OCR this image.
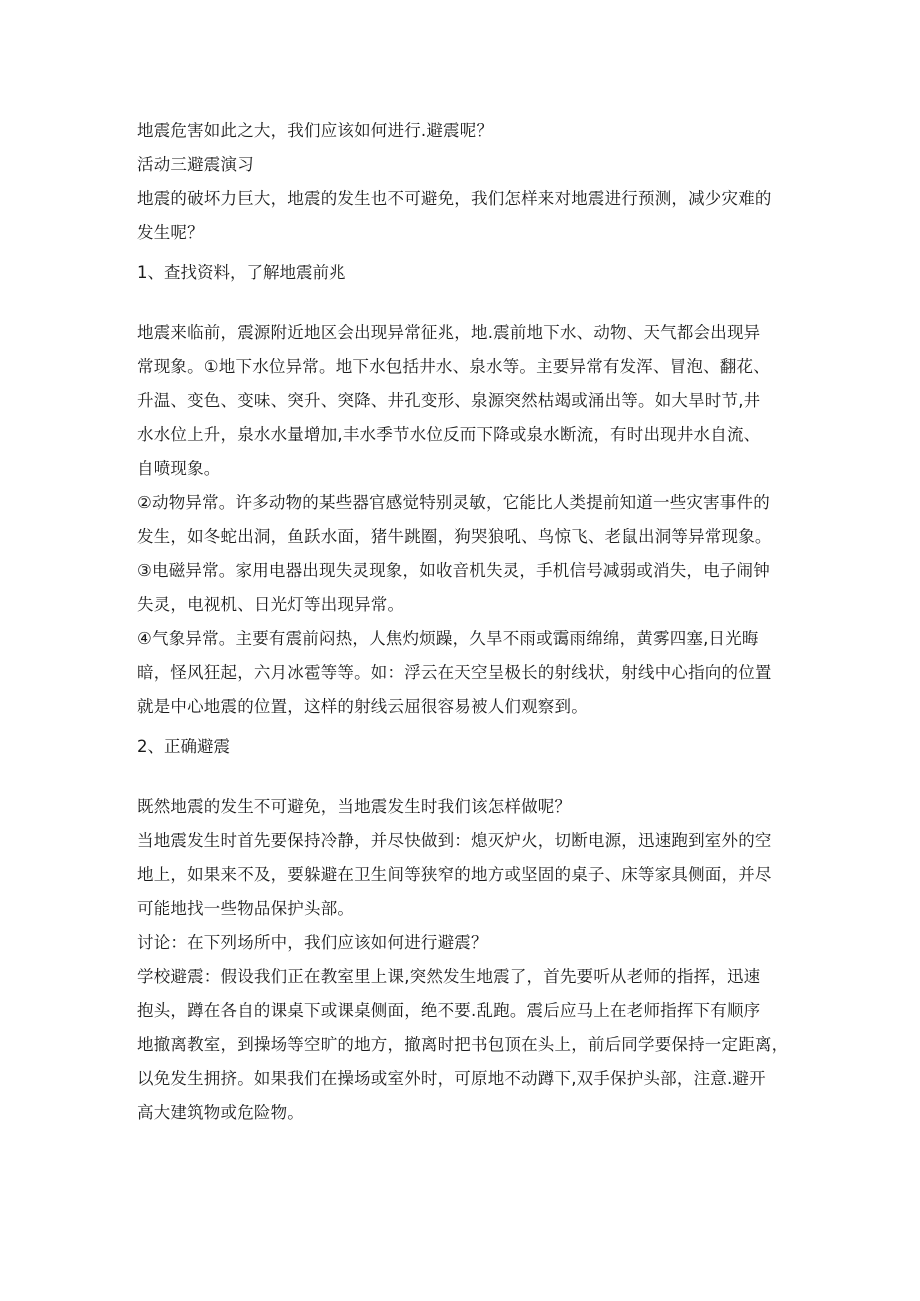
地震危害如此之大，我们应该如何进行.避震呢？
活动三避震演习
地震的破坏力巨大，地震的发生也不可避免，我们怎样来对地震进行预测，减少灾难的
发生呢？
1、查找资料，了解地震前兆
地震来临前，震源附近地区会出现异常征兆，地.震前地下水、动物、天气都会出现异
常现象。①地下水位异常。地下水包括井水、泉水等。主要异常有发浑、冒泡、翻花、
升温、变色、变味、突升、突降、井孔变形、泉源突然枯竭或涌出等。如大旱时节,井
水水位上升，泉水水量增加,丰水季节水位反而下降或泉水断流，有时出现井水自流、
自喷现象。
②动物异常。许多动物的某些器官感觉特别灵敏，它能比人类提前知道一些灾害事件的
发生，如冬蛇出洞，鱼跃水面，猪牛跳圈，狗哭狼吼、鸟惊飞、老鼠出洞等异常现象。
③电磁异常。家用电器出现失灵现象，如收音机失灵，手机信号减弱或消失，电子闹钟
失灵，电视机、日光灯等出现异常。
④气象异常。主要有震前闷热，人焦灼烦躁，久旱不雨或霭雨绵绵，黄雾四塞,日光晦
暗，怪风狂起，六月冰雹等等。如：浮云在天空呈极长的射线状，射线中心指向的位置
就是中心地震的位置，这样的射线云屈很容易被人们观察到。
2、正确避震
既然地震的发生不可避免，当地震发生时我们该怎样做呢？
当地震发生时首先要保持冷静，并尽快做到：熄灭炉火，切断电源，迅速跑到室外的空
地上，如果来不及，要躲避在卫生间等狭窄的地方或坚固的桌子、床等家具侧面，并尽
可能地找一些物品保护头部。
讨论：在下列场所中，我们应该如何进行避震？
学校避震：假设我们正在教室里上课,突然发生地震了，首先要听从老师的指挥，迅速
抱头，蹲在各自的课桌下或课桌侧面，绝不要.乱跑。震后应马上在老师指挥下有顺序
地撤离教室，到操场等空旷的地方，撤离时把书包顶在头上，前后同学要保持一定距离，
以免发生拥挤。如果我们在操场或室外时，可原地不动蹲下,双手保护头部，注意.避开
高大建筑物或危险物。
